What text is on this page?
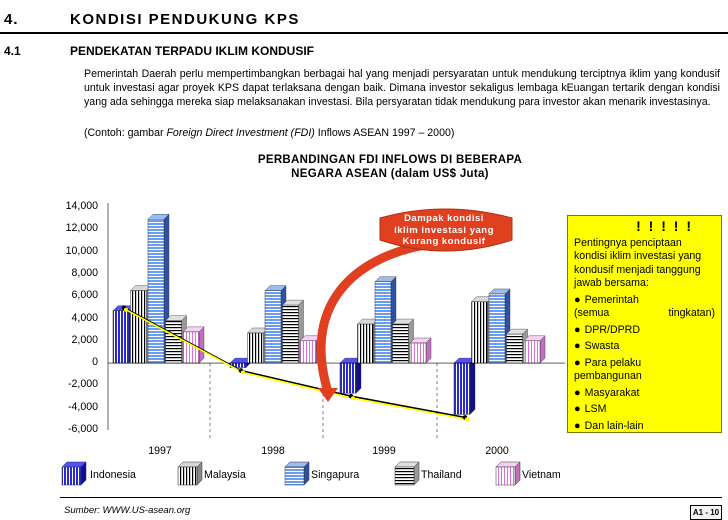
4.	KONDISI PENDUKUNG KPS
4.1	PENDEKATAN TERPADU IKLIM KONDUSIF
Pemerintah Daerah perlu mempertimbangkan berbagai hal yang menjadi persyaratan untuk mendukung terciptnya iklim yang kondusif untuk investasi agar proyek KPS dapat terlaksana dengan baik. Dimana investor sekaligus lembaga kEuangan tertarik dengan kondisi yang ada sehingga mereka siap melaksanakan investasi. Bila persyaratan tidak mendukung para investor akan menarik investasinya.
(Contoh: gambar Foreign Direct Investment (FDI) Inflows ASEAN 1997 – 2000)
PERBANDINGAN FDI INFLOWS DI BEBERAPA
NEGARA ASEAN (dalam US$ Juta)
14,000
12,000
10,000
8,000
6,000
4,000
2,000
0
-2,000
-4,000
-6,000
1997	1998	1999	2000
Dampak kondisi
iklim investasi yang
Kurang kondusif
! ! ! ! !
Pentingnya penciptaan kondisi iklim investasi yang kondusif menjadi tanggung jawab bersama:
● Pemerintah
(semua tingkatan)
● DPR/DPRD
● Swasta
● Para pelaku
pembangunan
● Masyarakat
● LSM
● Dan lain-lain
Indonesia	Malaysia	Singapura	Thailand	Vietnam
Sumber: WWW.US-asean.org	A1 - 10
